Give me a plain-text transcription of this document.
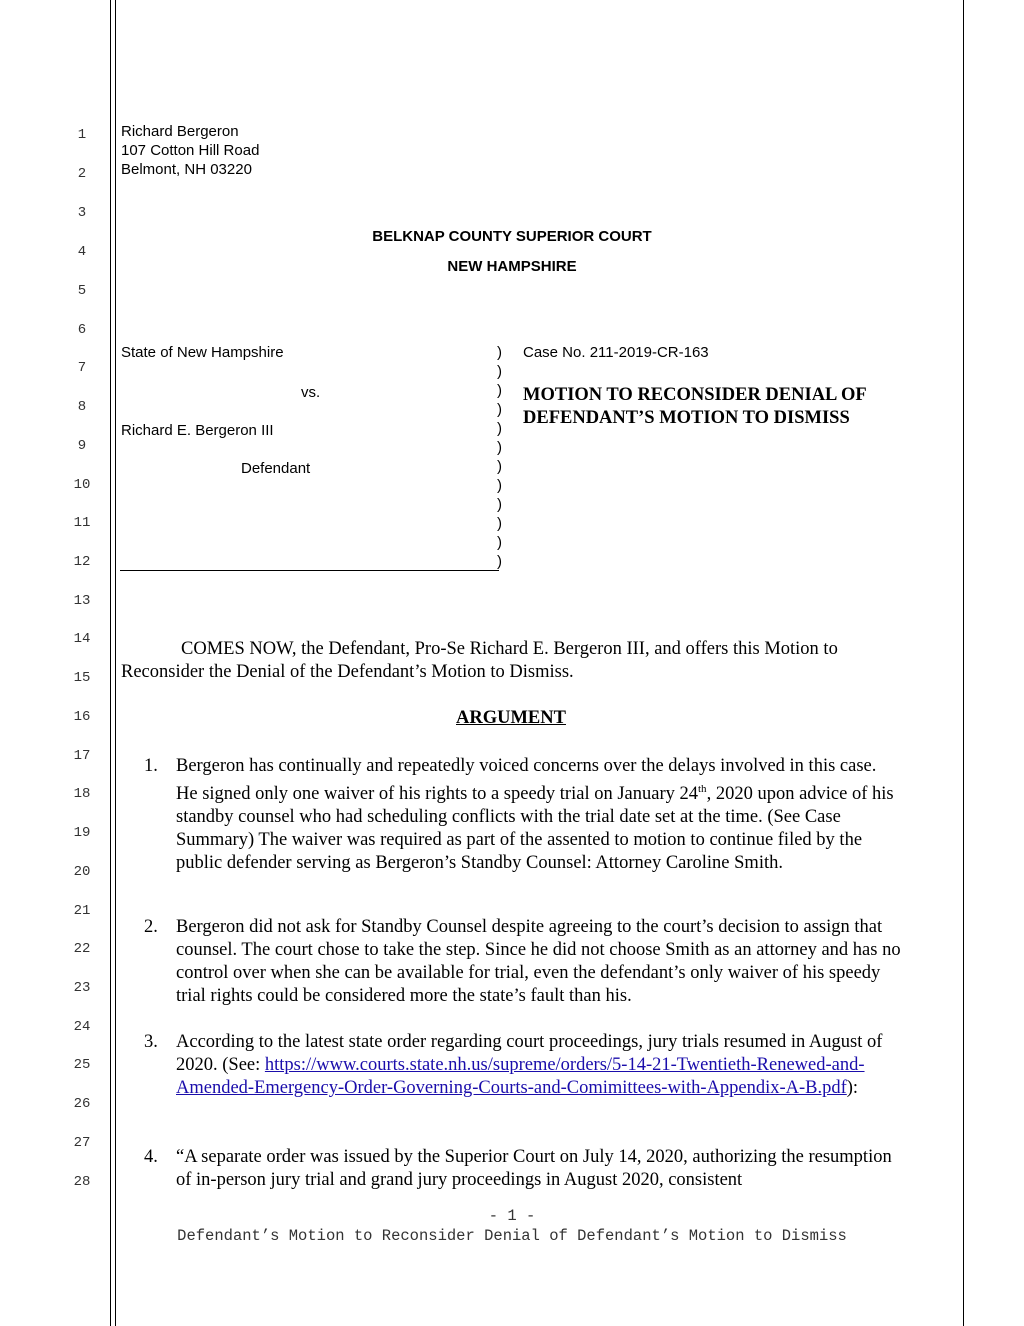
1
2
3
4
5
6
7
8
9
10
11
12
13
14
15
16
17
18
19
20
21
22
23
24
25
26
27
28
Richard Bergeron
107 Cotton Hill Road
Belmont, NH 03220
BELKNAP COUNTY SUPERIOR COURT
NEW HAMPSHIRE
State of New Hampshire
vs.
Richard E. Bergeron III
Defendant
)
)
)
)
)
)
)
)
)
)
)
)
Case No. 211-2019-CR-163
MOTION TO RECONSIDER DENIAL OF
DEFENDANT’S MOTION TO DISMISS
COMES NOW, the Defendant, Pro-Se Richard E. Bergeron III, and offers this Motion to
Reconsider the Denial of the Defendant’s Motion to Dismiss.
ARGUMENT
1. Bergeron has continually and repeatedly voiced concerns over the delays involved in this case. He signed only one waiver of his rights to a speedy trial on January 24th, 2020 upon advice of his standby counsel who had scheduling conflicts with the trial date set at the time. (See Case Summary) The waiver was required as part of the assented to motion to continue filed by the public defender serving as Bergeron’s Standby Counsel: Attorney Caroline Smith.
2. Bergeron did not ask for Standby Counsel despite agreeing to the court’s decision to assign that counsel. The court chose to take the step. Since he did not choose Smith as an attorney and has no control over when she can be available for trial, even the defendant’s only waiver of his speedy trial rights could be considered more the state’s fault than his.
3. According to the latest state order regarding court proceedings, jury trials resumed in August of 2020. (See: https://www.courts.state.nh.us/supreme/orders/5-14-21-Twentieth-Renewed-and-Amended-Emergency-Order-Governing-Courts-and-Comimittees-with-Appendix-A-B.pdf):
4. “A separate order was issued by the Superior Court on July 14, 2020, authorizing the resumption of in-person jury trial and grand jury proceedings in August 2020, consistent
- 1 -
Defendant’s Motion to Reconsider Denial of Defendant’s Motion to Dismiss
